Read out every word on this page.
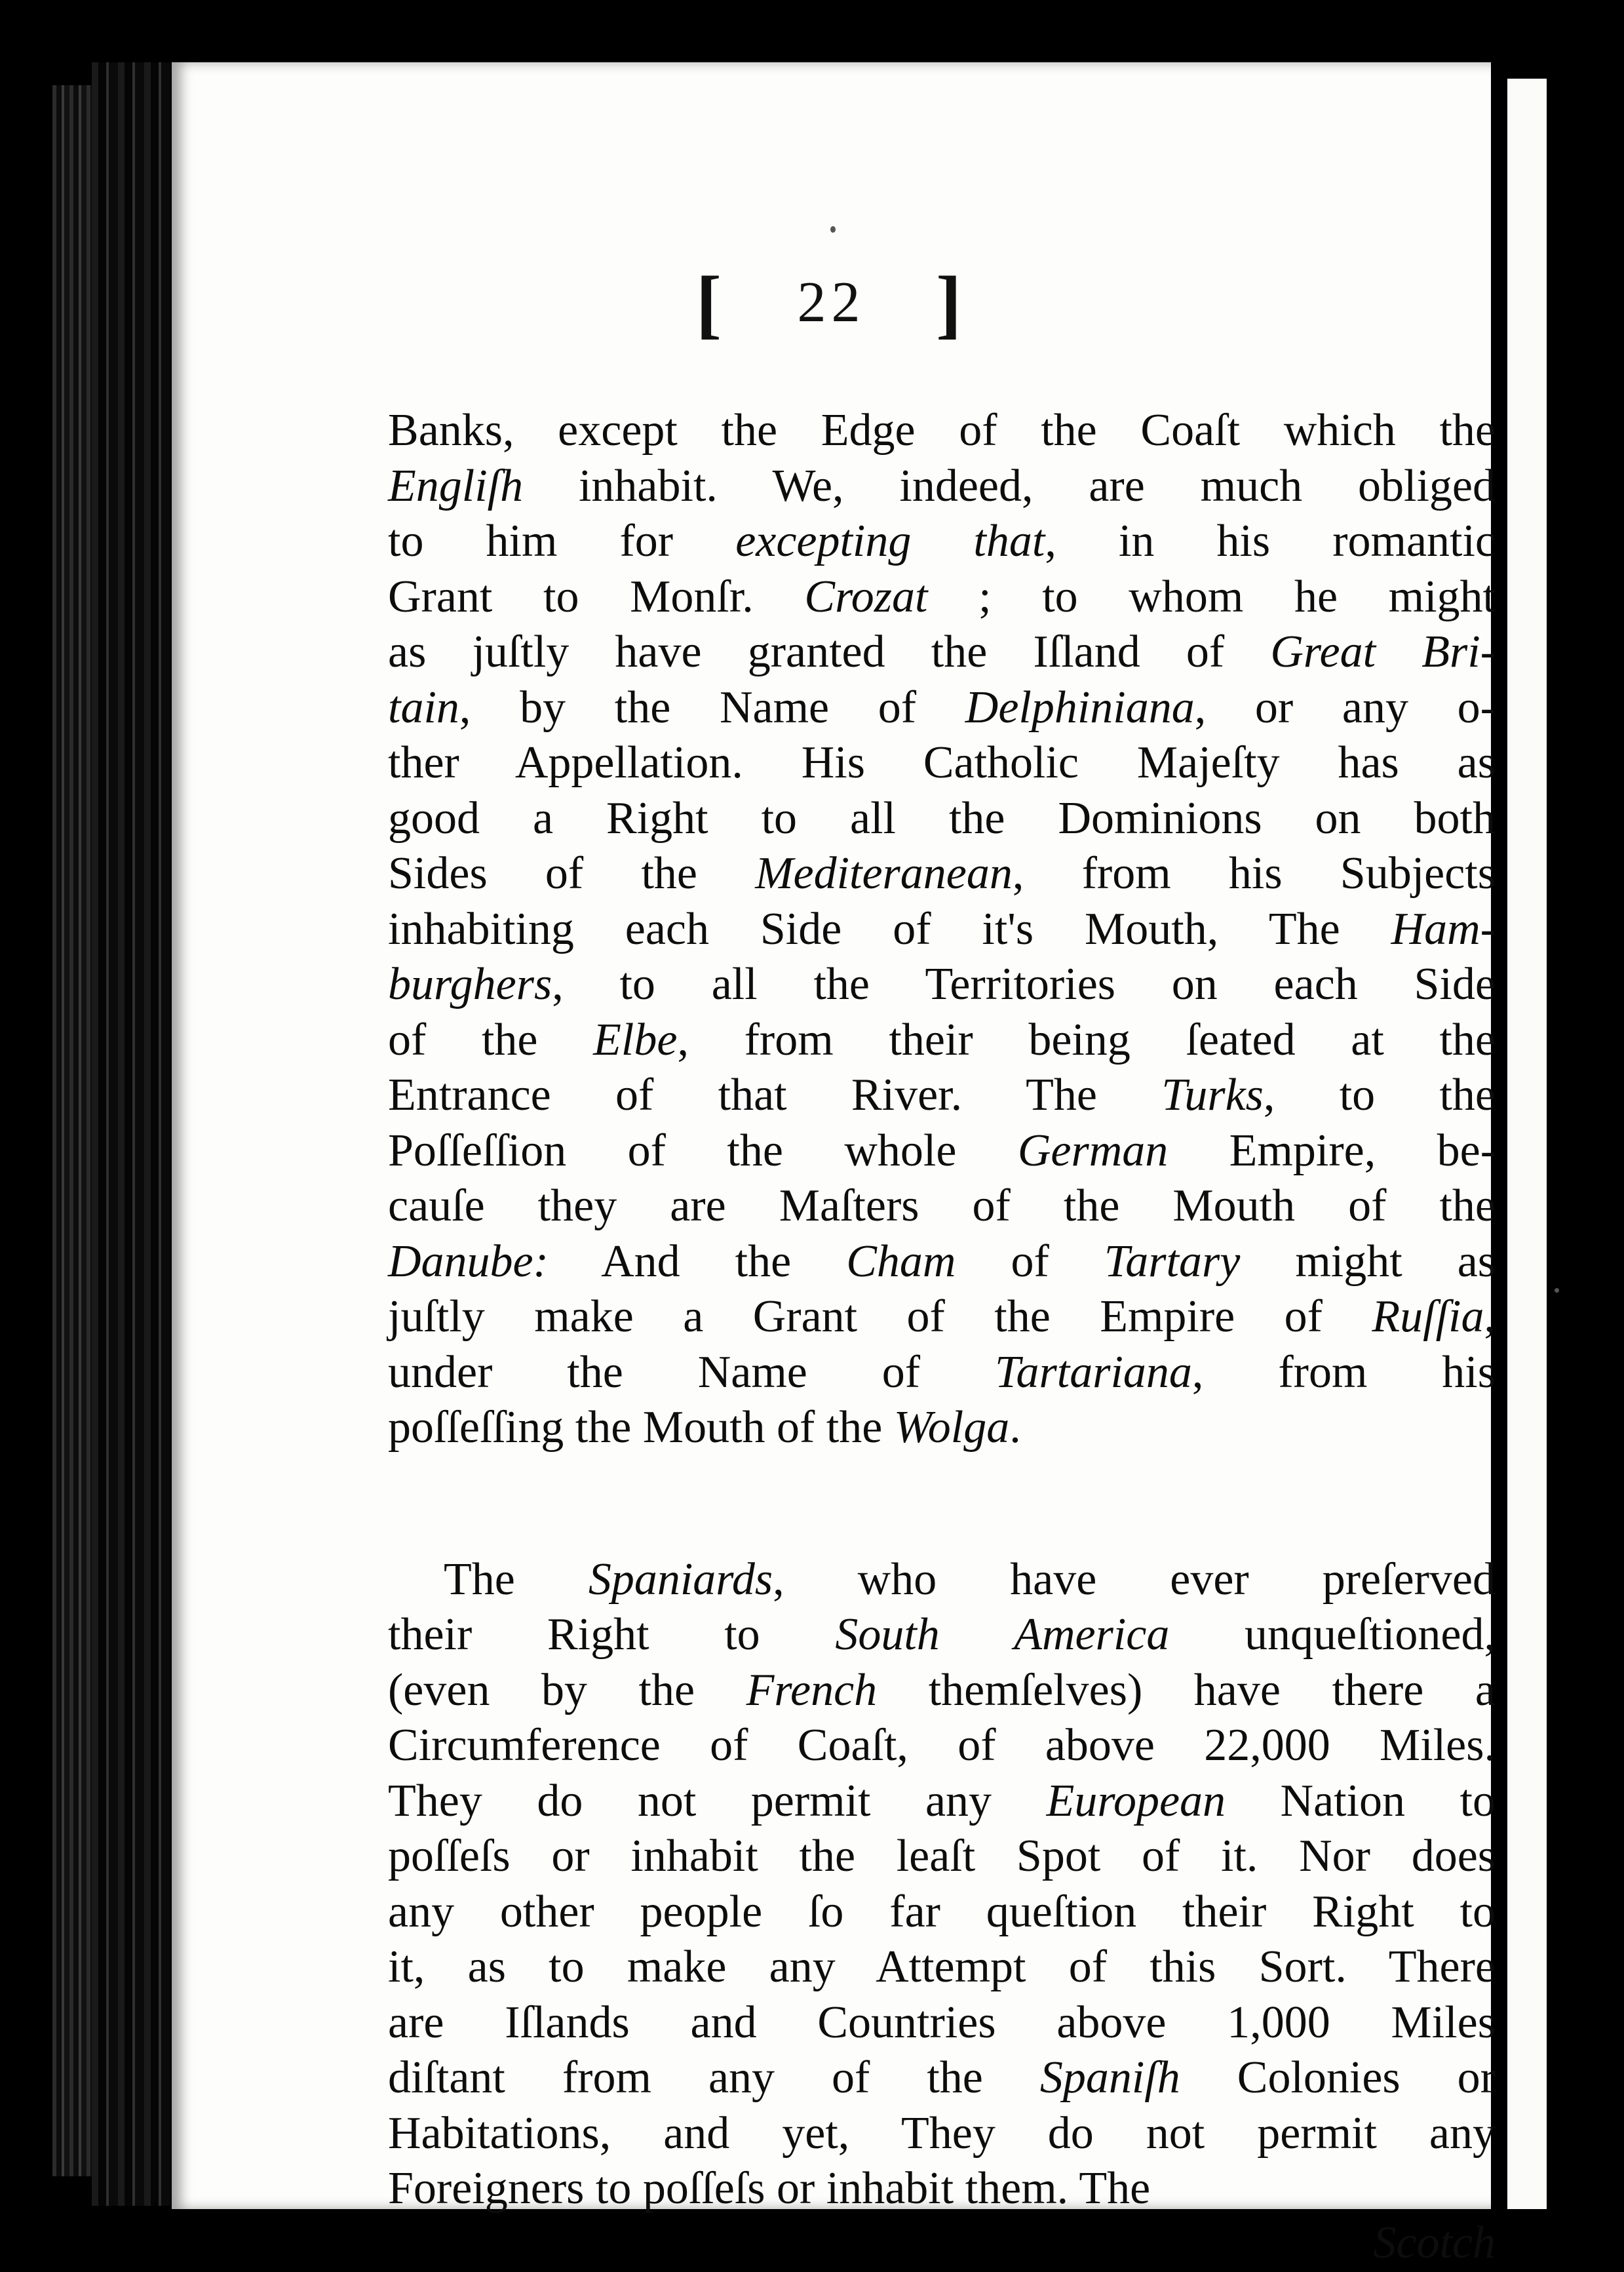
[ 22 ]
Banks, except the Edge of the Coaſt which the
Engliſh inhabit. We, indeed, are much obliged
to him for excepting that, in his romantic
Grant to Monſr. Crozat ; to whom he might
as juſtly have granted the Iſland of Great Bri-
tain, by the Name of Delphiniana, or any o-
ther Appellation. His Catholic Majeſty has as
good a Right to all the Dominions on both
Sides of the Mediteranean, from his Subjects
inhabiting each Side of it's Mouth, The Ham-
burghers, to all the Territories on each Side
of the Elbe, from their being ſeated at the
Entrance of that River. The Turks, to the
Poſſeſſion of the whole German Empire, be-
cauſe they are Maſters of the Mouth of the
Danube: And the Cham of Tartary might as
juſtly make a Grant of the Empire of Ruſſia,
under the Name of Tartariana, from his
poſſeſſing the Mouth of the Wolga.
The Spaniards, who have ever preſerved
their Right to South America unqueſtioned,
(even by the French themſelves) have there a
Circumference of Coaſt, of above 22,000 Miles.
They do not permit any European Nation to
poſſeſs or inhabit the leaſt Spot of it. Nor does
any other people ſo far queſtion their Right to
it, as to make any Attempt of this Sort. There
are Iſlands and Countries above 1,000 Miles
diſtant from any of the Spaniſh Colonies or
Habitations, and yet, They do not permit any
Foreigners to poſſeſs or inhabit them. The
Scotch
